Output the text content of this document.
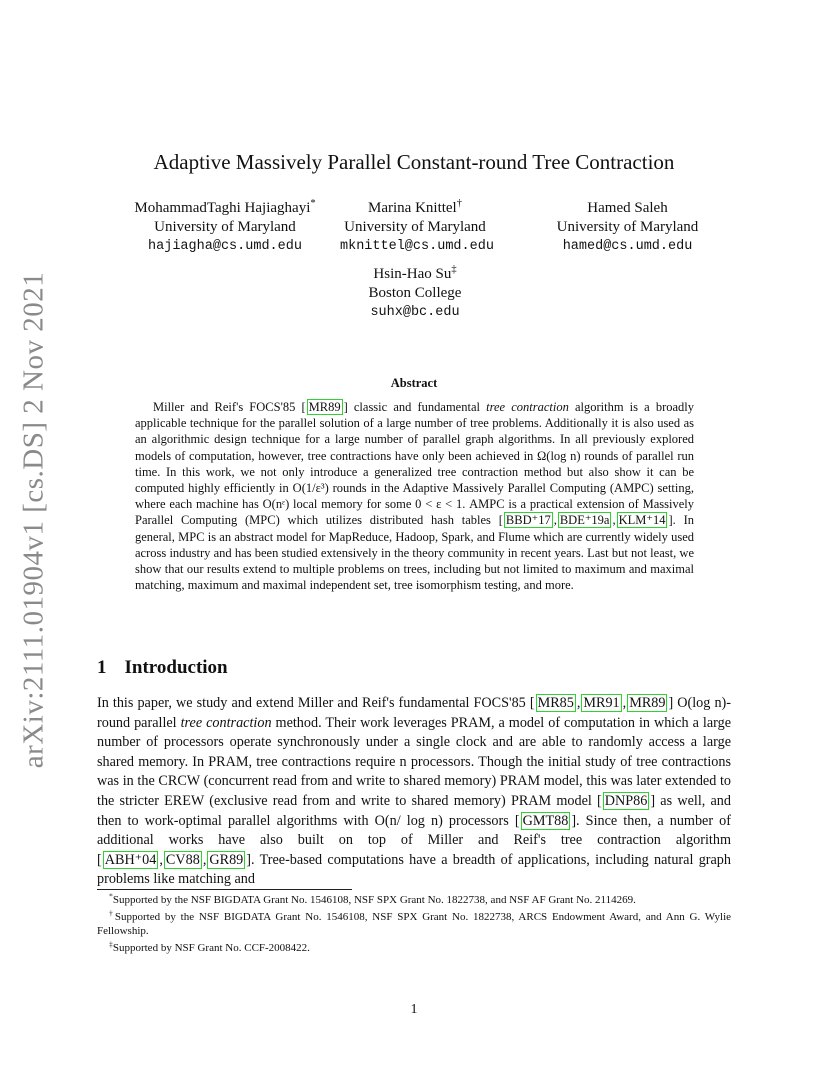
arXiv:2111.01904v1 [cs.DS] 2 Nov 2021
Adaptive Massively Parallel Constant-round Tree Contraction
MohammadTaghi Hajiaghayi*
University of Maryland
hajiagha@cs.umd.edu
Marina Knittel†
University of Maryland
mknittel@cs.umd.edu
Hamed Saleh
University of Maryland
hamed@cs.umd.edu
Hsin-Hao Su‡
Boston College
suhx@bc.edu
Abstract
Miller and Reif's FOCS'85 [ MR89 ] classic and fundamental tree contraction algorithm is a broadly applicable technique for the parallel solution of a large number of tree problems. Additionally it is also used as an algorithmic design technique for a large number of parallel graph algorithms. In all previously explored models of computation, however, tree contractions have only been achieved in Ω(log n) rounds of parallel run time. In this work, we not only introduce a generalized tree contraction method but also show it can be computed highly efficiently in O(1/ε³) rounds in the Adaptive Massively Parallel Computing (AMPC) setting, where each machine has O(nᵋ) local memory for some 0 < ε < 1. AMPC is a practical extension of Massively Parallel Computing (MPC) which utilizes distributed hash tables [ BBD⁺17 , BDE⁺19a , KLM⁺14 ]. In general, MPC is an abstract model for MapReduce, Hadoop, Spark, and Flume which are currently widely used across industry and has been studied extensively in the theory community in recent years. Last but not least, we show that our results extend to multiple problems on trees, including but not limited to maximum and maximal matching, maximum and maximal independent set, tree isomorphism testing, and more.
1 Introduction
In this paper, we study and extend Miller and Reif's fundamental FOCS'85 [ MR85 , MR91 , MR89 ] O(log n)-round parallel tree contraction method. Their work leverages PRAM, a model of computation in which a large number of processors operate synchronously under a single clock and are able to randomly access a large shared memory. In PRAM, tree contractions require n processors. Though the initial study of tree contractions was in the CRCW (concurrent read from and write to shared memory) PRAM model, this was later extended to the stricter EREW (exclusive read from and write to shared memory) PRAM model [ DNP86 ] as well, and then to work-optimal parallel algorithms with O(n/ log n) processors [ GMT88 ]. Since then, a number of additional works have also built on top of Miller and Reif's tree contraction algorithm [ ABH⁺04 , CV88 , GR89 ]. Tree-based computations have a breadth of applications, including natural graph problems like matching and

*Supported by the NSF BIGDATA Grant No. 1546108, NSF SPX Grant No. 1822738, and NSF AF Grant No. 2114269.

†Supported by the NSF BIGDATA Grant No. 1546108, NSF SPX Grant No. 1822738, ARCS Endowment Award, and Ann G. Wylie Fellowship.

‡Supported by NSF Grant No. CCF-2008422.

1
